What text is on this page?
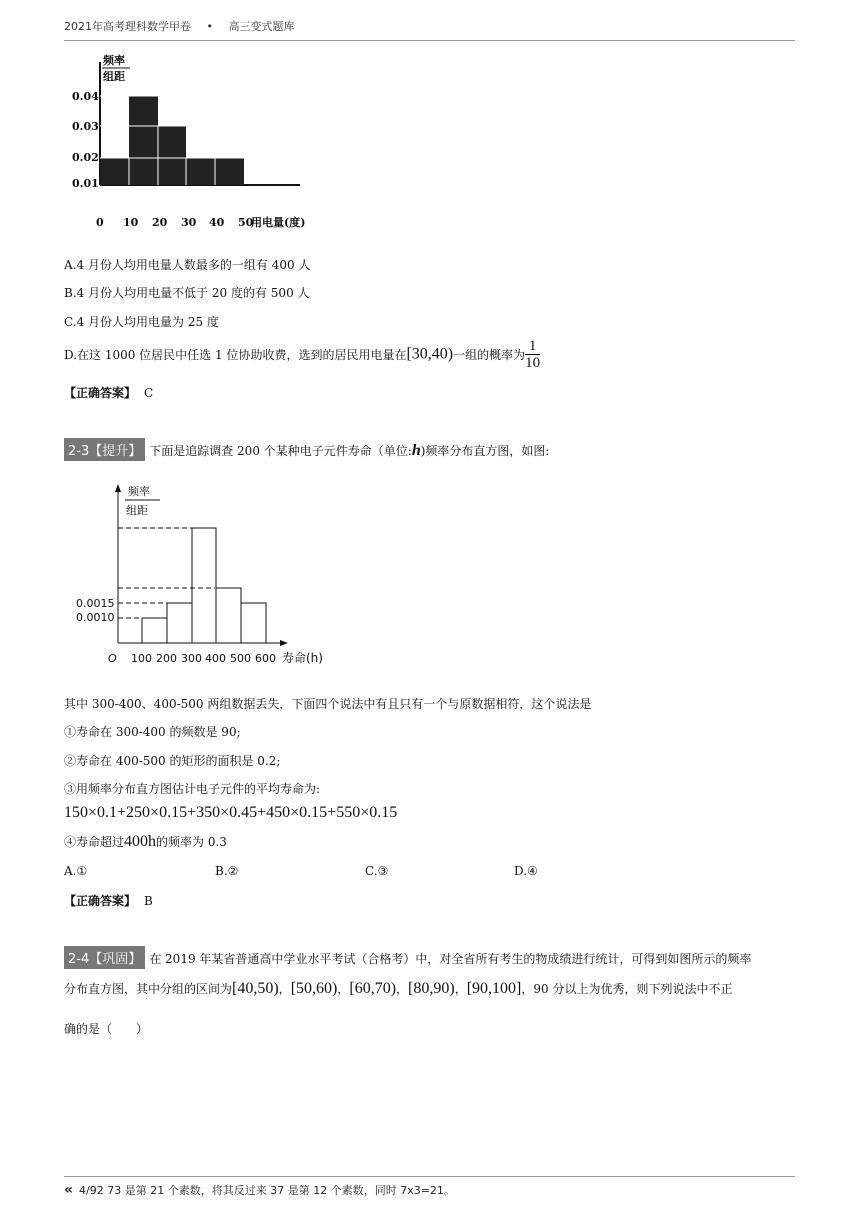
2021年高考理科数学甲卷 • 高三变式题库
频率
组距
0.04
0.03
0.02
0.01
0 10 20 30 40 50
用电量(度)
A.4 月份人均用电量人数最多的一组有 400 人
B.4 月份人均用电量不低于 20 度的有 500 人
C.4 月份人均用电量为 25 度
D.在这 1000 位居民中任选 1 位协助收费，选到的居民用电量在[30,40)一组的概率为 $\frac{1}{10}$
【正确答案】 C
2-3【提升】 下面是追踪调查 200 个某种电子元件寿命（单位:h)频率分布直方图，如图:
频率
组距
0.0015
0.0010
O 100 200 300 400 500 600 寿命(h)
其中 300-400、400-500 两组数据丢失，下面四个说法中有且只有一个与原数据相符，这个说法是
①寿命在 300-400 的频数是 90;
②寿命在 400-500 的矩形的面积是 0.2;
③用频率分布直方图估计电子元件的平均寿命为:
150×0.1+250×0.15+350×0.45+450×0.15+550×0.15
④寿命超过400h的频率为 0.3
A.①	B.②	C.③	D.④
【正确答案】 B
2-4【巩固】 在 2019 年某省普通高中学业水平考试（合格考）中，对全省所有考生的物成绩进行统计，可得到如图所示的频率
分布直方图，其中分组的区间为[40,50)，[50,60)，[60,70)，[80,90)，[90,100]，90 分以上为优秀，则下列说法中不正
确的是（　　）
« 4/92 73 是第 21 个素数，将其反过来 37 是第 12 个素数，同时 7x3=21。
